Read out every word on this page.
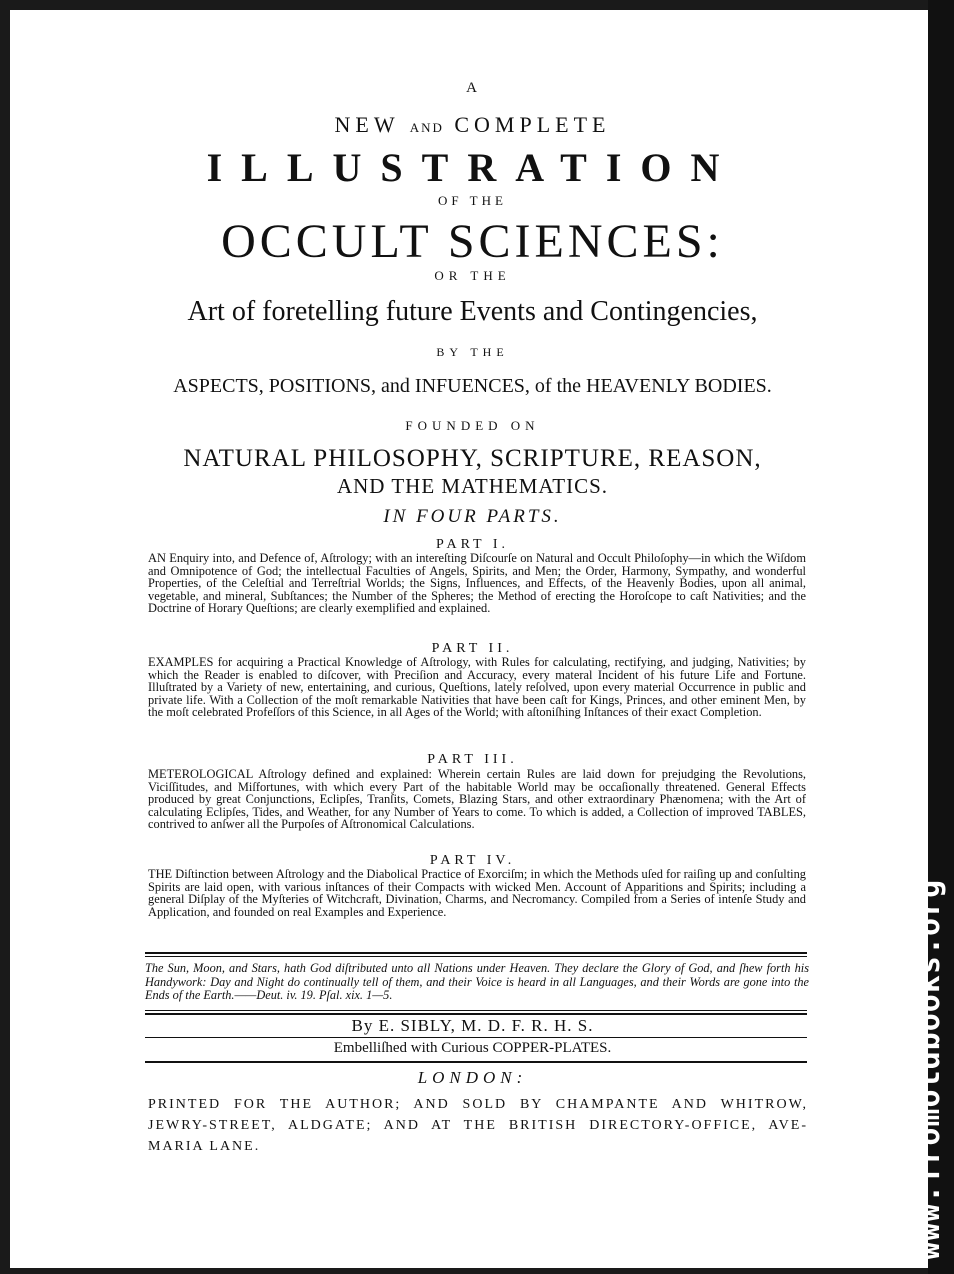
A
NEW AND COMPLETE
ILLUSTRATION
OF THE
OCCULT SCIENCES:
OR THE
Art of foretelling future Events and Contingencies,
BY THE
ASPECTS, POSITIONS, and INFUENCES, of the HEAVENLY BODIES.
FOUNDED ON
NATURAL PHILOSOPHY, SCRIPTURE, REASON,
AND THE MATHEMATICS.
IN FOUR PARTS.
PART I.

AN Enquiry into, and Defence of, Aſtrology; with an intereſting Diſcourſe on Natural and Occult Philoſophy—in which the Wiſdom and Omnipotence of God; the intellectual Faculties of Angels, Spirits, and Men; the Order, Harmony, Sympathy, and wonderful Properties, of the Celeſtial and Terreſtrial Worlds; the Signs, Influences, and Effects, of the Heavenly Bodies, upon all animal, vegetable, and mineral, Subſtances; the Number of the Spheres; the Method of erecting the Horoſcope to caſt Nativities; and the Doctrine of Horary Queſtions; are clearly exemplified and explained.

PART II.

EXAMPLES for acquiring a Practical Knowledge of Aſtrology, with Rules for calculating, rectifying, and judging, Nativities; by which the Reader is enabled to diſcover, with Preciſion and Accuracy, every materal Incident of his future Life and Fortune. Illuſtrated by a Variety of new, entertaining, and curious, Queſtions, lately reſolved, upon every material Occurrence in public and private life. With a Collection of the moſt remarkable Nativities that have been caſt for Kings, Princes, and other eminent Men, by the moſt celebrated Profeſſors of this Science, in all Ages of the World; with aſtoniſhing Inſtances of their exact Completion.

PART III.

METEROLOGICAL Aſtrology defined and explained: Wherein certain Rules are laid down for prejudging the Revolutions, Viciſſitudes, and Miſfortunes, with which every Part of the habitable World may be occaſionally threatened. General Effects produced by great Conjunctions, Eclipſes, Tranſits, Comets, Blazing Stars, and other extraordinary Phænomena; with the Art of calculating Eclipſes, Tides, and Weather, for any Number of Years to come. To which is added, a Collection of improved TABLES, contrived to anſwer all the Purpoſes of Aſtronomical Calculations.

PART IV.

THE Diſtinction between Aſtrology and the Diabolical Practice of Exorciſm; in which the Methods uſed for raiſing up and conſulting Spirits are laid open, with various inſtances of their Compacts with wicked Men. Account of Apparitions and Spirits; including a general Diſplay of the Myſteries of Witchcraft, Divination, Charms, and Necromancy. Compiled from a Series of intenſe Study and Application, and founded on real Examples and Experience.

The Sun, Moon, and Stars, hath God diſtributed unto all Nations under Heaven. They declare the Glory of God, and ſhew forth his Handywork: Day and Night do continually tell of them, and their Voice is heard in all Languages, and their Words are gone into the Ends of the Earth.——Deut. iv. 19. Pſal. xix. 1—5.
By E. SIBLY, M. D. F. R. H. S.
Embelliſhed with Curious COPPER-PLATES.
LONDON:
PRINTED FOR THE AUTHOR; AND SOLD BY CHAMPANTE AND WHITROW, JEWRY-STREET, ALDGATE; AND AT THE BRITISH DIRECTORY-OFFICE, AVE-MARIA LANE.	www.fromoldbooks.org
